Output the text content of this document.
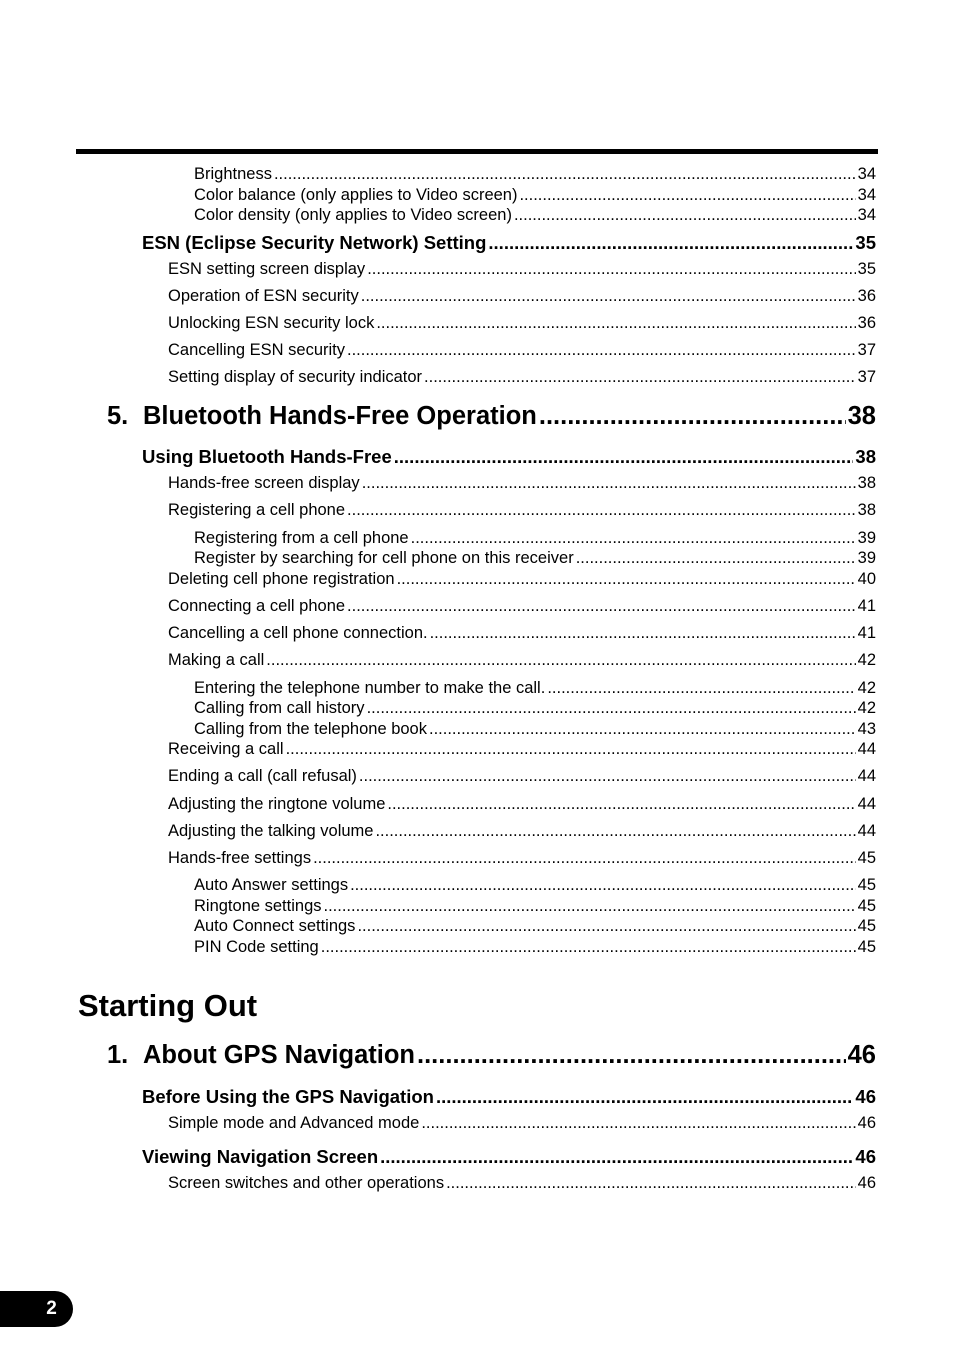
Brightness .....	34
Color balance (only applies to Video screen) .....	34
Color density (only applies to Video screen) .....	34
ESN (Eclipse Security Network) Setting .....	35
ESN setting screen display .....	35
Operation of ESN security .....	36
Unlocking ESN security lock .....	36
Cancelling ESN security .....	37
Setting display of security indicator .....	37
5. Bluetooth Hands-Free Operation .....	38
Using Bluetooth Hands-Free .....	38
Hands-free screen display .....	38
Registering a cell phone .....	38
Registering from a cell phone .....	39
Register by searching for cell phone on this receiver .....	39
Deleting cell phone registration .....	40
Connecting a cell phone .....	41
Cancelling a cell phone connection. .....	41
Making a call .....	42
Entering the telephone number to make the call. .....	42
Calling from call history .....	42
Calling from the telephone book .....	43
Receiving a call .....	44
Ending a call (call refusal) .....	44
Adjusting the ringtone volume .....	44
Adjusting the talking volume .....	44
Hands-free settings .....	45
Auto Answer settings .....	45
Ringtone settings .....	45
Auto Connect settings .....	45
PIN Code setting .....	45
Starting Out
1. About GPS Navigation .....	46
Before Using the GPS Navigation .....	46
Simple mode and Advanced mode .....	46
Viewing Navigation Screen .....	46
Screen switches and other operations .....	46
2
